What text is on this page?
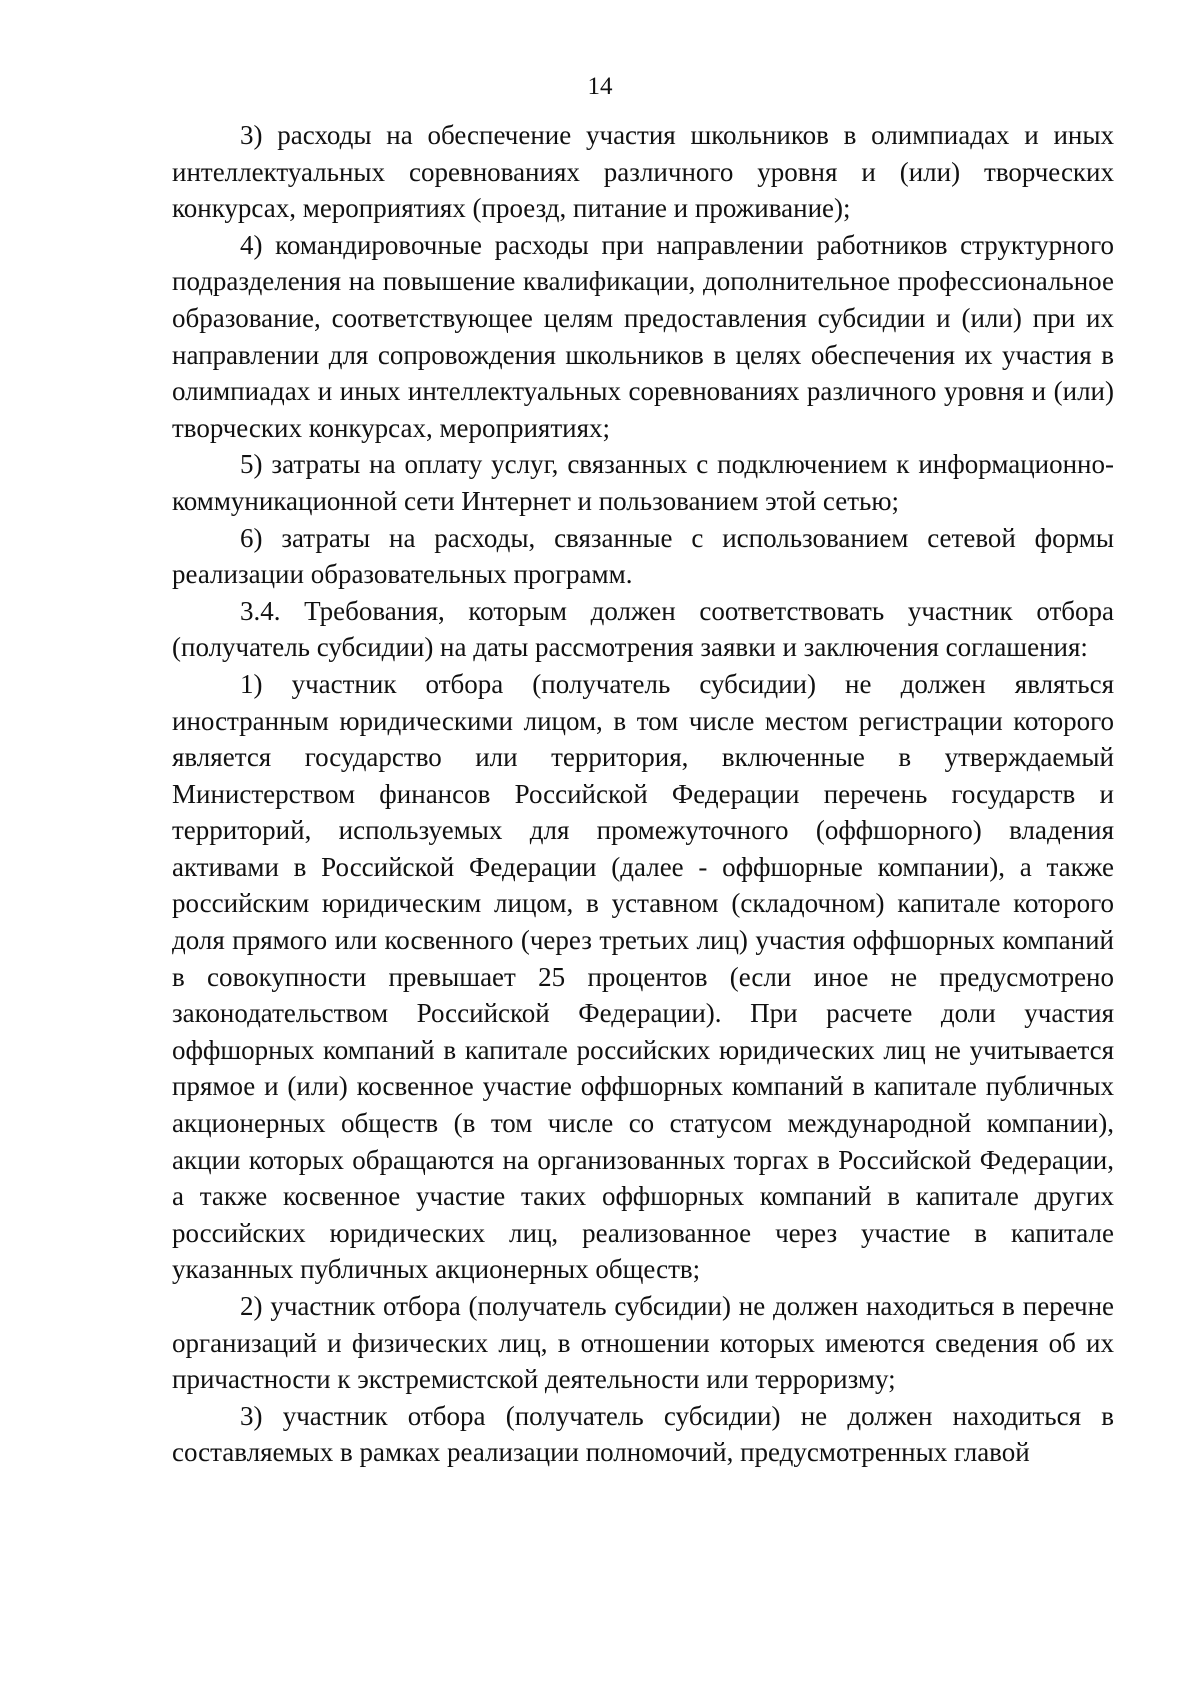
14

3) расходы на обеспечение участия школьников в олимпиадах и иных интеллектуальных соревнованиях различного уровня и (или) творческих конкурсах, мероприятиях (проезд, питание и проживание);

4) командировочные расходы при направлении работников структурного подразделения на повышение квалификации, дополнительное профессиональное образование, соответствующее целям предоставления субсидии и (или) при их направлении для сопровождения школьников в целях обеспечения их участия в олимпиадах и иных интеллектуальных соревнованиях различного уровня и (или) творческих конкурсах, мероприятиях;

5) затраты на оплату услуг, связанных с подключением к информационно-коммуникационной сети Интернет и пользованием этой сетью;

6) затраты на расходы, связанные с использованием сетевой формы реализации образовательных программ.

3.4. Требования, которым должен соответствовать участник отбора (получатель субсидии) на даты рассмотрения заявки и заключения соглашения:

1) участник отбора (получатель субсидии) не должен являться иностранным юридическими лицом, в том числе местом регистрации которого является государство или территория, включенные в утверждаемый Министерством финансов Российской Федерации перечень государств и территорий, используемых для промежуточного (оффшорного) владения активами в Российской Федерации (далее - оффшорные компании), а также российским юридическим лицом, в уставном (складочном) капитале которого доля прямого или косвенного (через третьих лиц) участия оффшорных компаний в совокупности превышает 25 процентов (если иное не предусмотрено законодательством Российской Федерации). При расчете доли участия оффшорных компаний в капитале российских юридических лиц не учитывается прямое и (или) косвенное участие оффшорных компаний в капитале публичных акционерных обществ (в том числе со статусом международной компании), акции которых обращаются на организованных торгах в Российской Федерации, а также косвенное участие таких оффшорных компаний в капитале других российских юридических лиц, реализованное через участие в капитале указанных публичных акционерных обществ;

2) участник отбора (получатель субсидии) не должен находиться в перечне организаций и физических лиц, в отношении которых имеются сведения об их причастности к экстремистской деятельности или терроризму;

3) участник отбора (получатель субсидии) не должен находиться в составляемых в рамках реализации полномочий, предусмотренных главой
